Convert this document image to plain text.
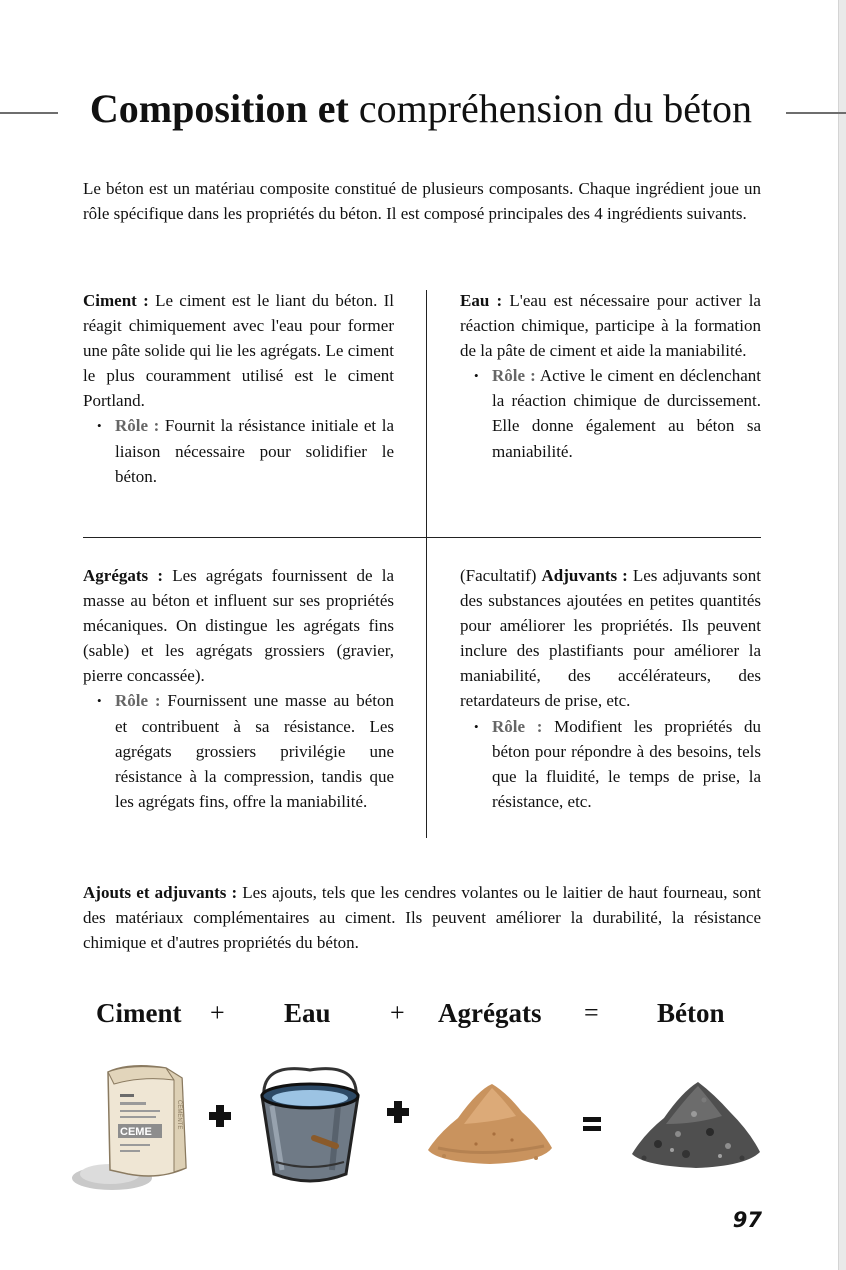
Composition et compréhension du béton

Le béton est un matériau composite constitué de plusieurs composants. Chaque ingrédient joue un rôle spécifique dans les propriétés du béton. Il est composé principales des 4 ingrédients suivants.

Ciment : Le ciment est le liant du béton. Il réagit chimiquement avec l'eau pour former une pâte solide qui lie les agrégats. Le ciment le plus couramment utilisé est le ciment Portland.

• Rôle : Fournit la résistance initiale et la liaison nécessaire pour solidifier le béton.

Eau : L'eau est nécessaire pour activer la réaction chimique, participe à la formation de la pâte de ciment et aide la maniabilité.

• Rôle : Active le ciment en déclenchant la réaction chimique de durcissement. Elle donne également au béton sa maniabilité.

Agrégats : Les agrégats fournissent de la masse au béton et influent sur ses propriétés mécaniques. On distingue les agrégats fins (sable) et les agrégats grossiers (gravier, pierre concassée).

• Rôle : Fournissent une masse au béton et contribuent à sa résistance. Les agrégats grossiers privilégie une résistance à la compression, tandis que les agrégats fins, offre la maniabilité.

(Facultatif) Adjuvants : Les adjuvants sont des substances ajoutées en petites quantités pour améliorer les propriétés. Ils peuvent inclure des plastifiants pour améliorer la maniabilité, des accélérateurs, des retardateurs de prise, etc.

• Rôle : Modifient les propriétés du béton pour répondre à des besoins, tels que la fluidité, le temps de prise, la résistance, etc.

Ajouts et adjuvants : Les ajouts, tels que les cendres volantes ou le laitier de haut fourneau, sont des matériaux complémentaires au ciment. Ils peuvent améliorer la durabilité, la résistance chimique et d'autres propriétés du béton.

Ciment + Eau + Agrégats = Béton
CEME
CEMENTE
97
